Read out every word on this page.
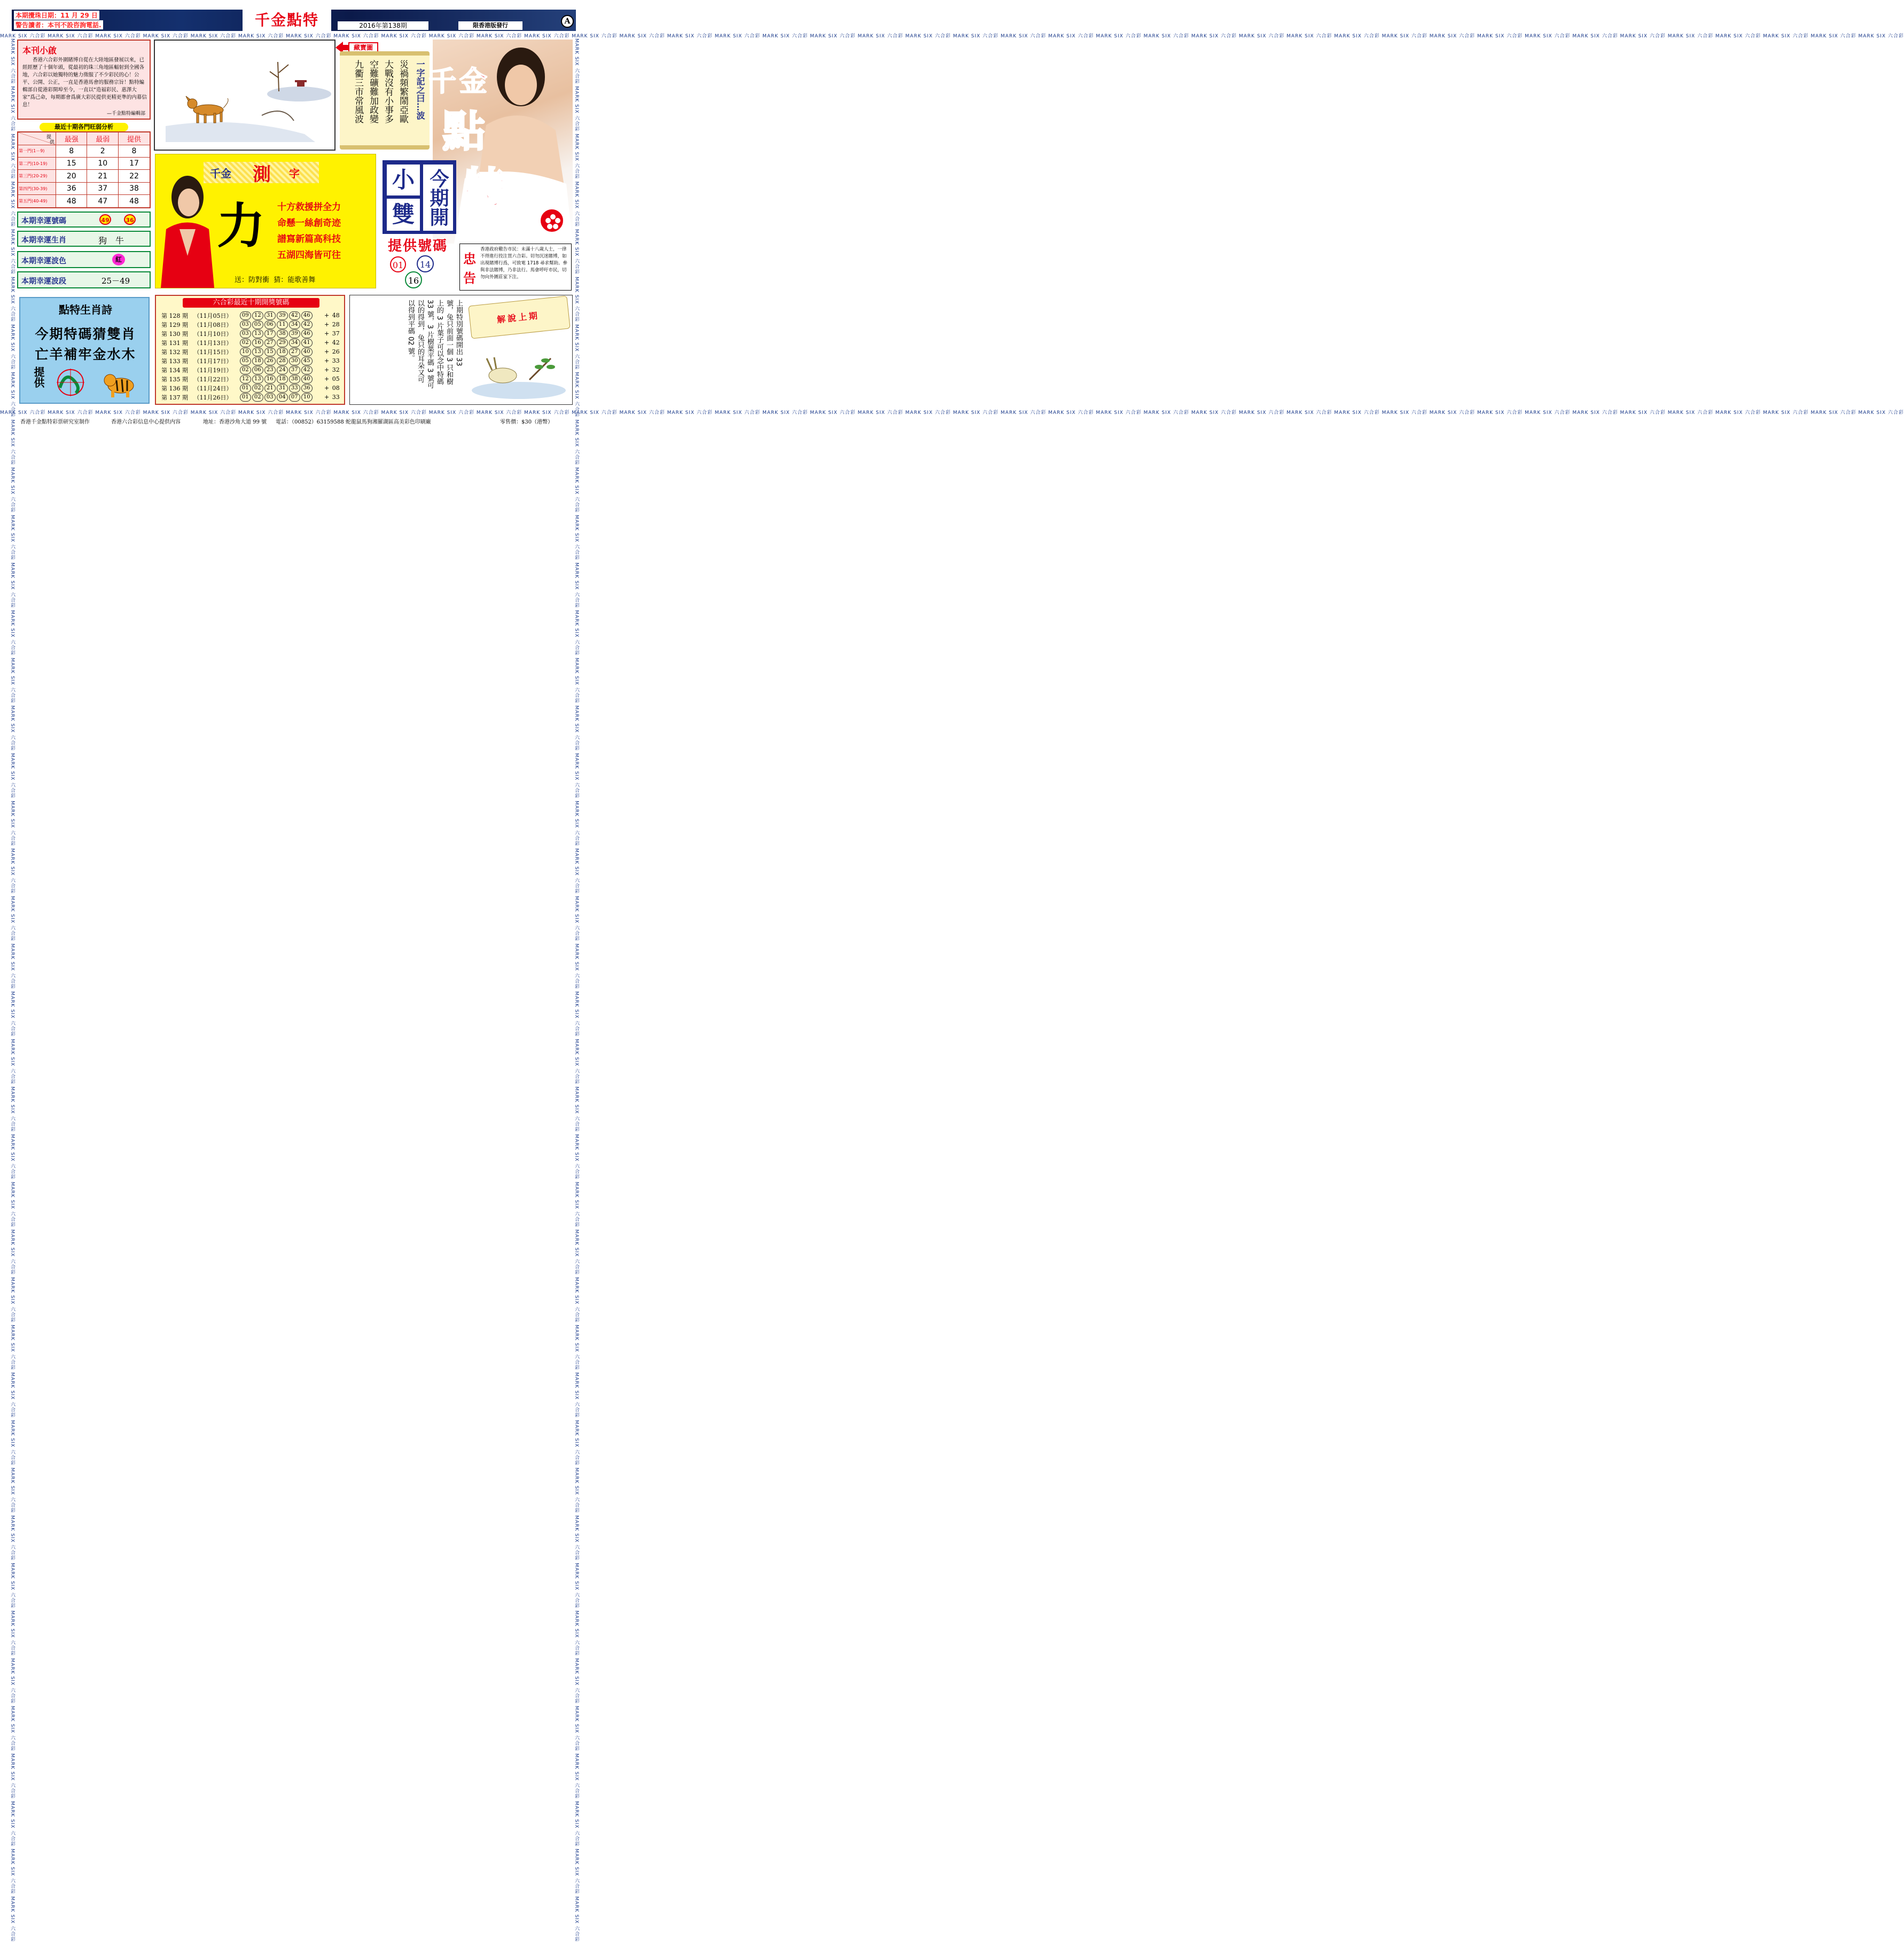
MARK SIX 六合彩 MARK SIX 六合彩 MARK SIX 六合彩 MARK SIX 六合彩 MARK SIX 六合彩 MARK SIX 六合彩 MARK SIX 六合彩 MARK SIX 六合彩 MARK SIX 六合彩 MARK SIX 六合彩 MARK SIX 六合彩 MARK SIX 六合彩 MARK SIX 六合彩 MARK SIX 六合彩 MARK SIX 六合彩 MARK SIX 六合彩 MARK SIX 六合彩 MARK SIX 六合彩 MARK SIX 六合彩 MARK SIX 六合彩 MARK SIX 六合彩 MARK SIX 六合彩 MARK SIX 六合彩 MARK SIX 六合彩 MARK SIX 六合彩 MARK SIX 六合彩 MARK SIX 六合彩 MARK SIX 六合彩 MARK SIX 六合彩 MARK SIX 六合彩 MARK SIX 六合彩 MARK SIX 六合彩 MARK SIX 六合彩 MARK SIX 六合彩 MARK SIX 六合彩 MARK SIX 六合彩 MARK SIX 六合彩 MARK SIX 六合彩 MARK SIX 六合彩 MARK SIX 六合彩
MARK SIX 六合彩 MARK SIX 六合彩 MARK SIX 六合彩 MARK SIX 六合彩 MARK SIX 六合彩 MARK SIX 六合彩 MARK SIX 六合彩 MARK SIX 六合彩 MARK SIX 六合彩 MARK SIX 六合彩 MARK SIX 六合彩 MARK SIX 六合彩 MARK SIX 六合彩 MARK SIX 六合彩 MARK SIX 六合彩 MARK SIX 六合彩 MARK SIX 六合彩 MARK SIX 六合彩 MARK SIX 六合彩 MARK SIX 六合彩 MARK SIX 六合彩 MARK SIX 六合彩 MARK SIX 六合彩 MARK SIX 六合彩 MARK SIX 六合彩 MARK SIX 六合彩 MARK SIX 六合彩 MARK SIX 六合彩 MARK SIX 六合彩 MARK SIX 六合彩 MARK SIX 六合彩 MARK SIX 六合彩 MARK SIX 六合彩 MARK SIX 六合彩 MARK SIX 六合彩 MARK SIX 六合彩 MARK SIX 六合彩 MARK SIX 六合彩 MARK SIX 六合彩 MARK SIX 六合彩
MARK SIX 六合彩 MARK SIX 六合彩 MARK SIX 六合彩 MARK SIX 六合彩 MARK SIX 六合彩 MARK SIX 六合彩 MARK SIX 六合彩 MARK SIX 六合彩 MARK SIX 六合彩 MARK SIX 六合彩 MARK SIX 六合彩 MARK SIX 六合彩 MARK SIX 六合彩 MARK SIX 六合彩 MARK SIX 六合彩 MARK SIX 六合彩 MARK SIX 六合彩 MARK SIX 六合彩 MARK SIX 六合彩 MARK SIX 六合彩 MARK SIX 六合彩 MARK SIX 六合彩 MARK SIX 六合彩 MARK SIX 六合彩 MARK SIX 六合彩 MARK SIX 六合彩 MARK SIX 六合彩 MARK SIX 六合彩 MARK SIX 六合彩 MARK SIX 六合彩 MARK SIX 六合彩 MARK SIX 六合彩 MARK SIX 六合彩 MARK SIX 六合彩 MARK SIX 六合彩 MARK SIX 六合彩 MARK SIX 六合彩 MARK SIX 六合彩 MARK SIX 六合彩 MARK SIX 六合彩	MARK SIX 六合彩 MARK SIX 六合彩 MARK SIX 六合彩 MARK SIX 六合彩 MARK SIX 六合彩 MARK SIX 六合彩 MARK SIX 六合彩 MARK SIX 六合彩 MARK SIX 六合彩 MARK SIX 六合彩 MARK SIX 六合彩 MARK SIX 六合彩 MARK SIX 六合彩 MARK SIX 六合彩 MARK SIX 六合彩 MARK SIX 六合彩 MARK SIX 六合彩 MARK SIX 六合彩 MARK SIX 六合彩 MARK SIX 六合彩 MARK SIX 六合彩 MARK SIX 六合彩 MARK SIX 六合彩 MARK SIX 六合彩 MARK SIX 六合彩 MARK SIX 六合彩 MARK SIX 六合彩 MARK SIX 六合彩 MARK SIX 六合彩 MARK SIX 六合彩 MARK SIX 六合彩 MARK SIX 六合彩 MARK SIX 六合彩 MARK SIX 六合彩 MARK SIX 六合彩 MARK SIX 六合彩 MARK SIX 六合彩 MARK SIX 六合彩 MARK SIX 六合彩 MARK SIX 六合彩
本期攪珠日期：11 月 29 日
警告讀者：本刊不設咨詢電話.	千金點特	2016年第138期	限香港版發行	A
本刊小啟
香港六合彩外圍賭博自從在大陸地區發展以來，已經經歷了十個年頭，從最初的珠三角地區輻射到全國各地，六合彩以她獨特的魅力徵服了不少彩民的心！公平、公開、公正，一直是香港馬會的服務宗旨！點特編輯部自從港彩開埠至今，一直以“造福彩民、惠澤大家”爲己命，每期都會爲廣大彩民提供更精更準的内幕信息！
—千金點特編輯部
最近十期各門旺弱分析
提
供	最强	最弱	提供
第一門(1－9)	8	2	8
第二門(10-19)	15	10	17
第三門(20-29)	20	21	22
第四門(30-39)	36	37	38
第五門(40-49)	48	47	48
本期幸運號碼	49	36
本期幸運生肖	狗　牛
本期幸運波色	紅
本期幸運波段	25－49
藏寶圖
一字記之曰…波
災禍頻繁鬧亞歐
大戰沒有小事多
空難礦難加政變
九衢三市常風波 千 金
點
特
小
雙 今期開
提供號碼
01	14
16
忠
告
香港政府儆告市民：未滿十八歲人士，一律不得進行投注買六合彩。切勿沉迷賭博，如出現賭博行爲，可致電 1718 尋求幫助。參與非法賭博，乃非法行。馬會呼吁市民，切勿向外圍莊家下注。
千金 測 字
力 十方救援拼全力
命懸一絲創奇迹
譜寫新篇高科技
五湖四海皆可往
送：防對衝  猜：能歌善舞
點特生肖詩
今期特碼猜雙肖
亡羊補牢金水木
提供
六合彩最近十期開獎號碼
第 128 期	（11月05日）	09 12 31 39 42 46	+	48
第 129 期	（11月08日）	03 05 06 11 34 42	+	28
第 130 期	（11月10日）	03 13 17 38 39 46	+	37
第 131 期	（11月13日）	02 16 27 29 34 41	+	42
第 132 期	（11月15日）	10 13 15 18 27 40	+	26
第 133 期	（11月17日）	05 18 26 28 30 45	+	33
第 134 期	（11月19日）	02 06 23 24 37 42	+	32
第 135 期	（11月22日）	12 13 16 18 38 40	+	05
第 136 期	（11月24日）	01 02 21 31 33 36	+	08
第 137 期	（11月26日）	01 02 03 04 07 10	+	33
上期特別號碼開出 33
號，兔只前面一個 3 只和樹
上的 3 片葉子可以念中特碼
33 號，3 片樹葉平碼 3 號可
以的得到，兔只的耳朵又可
以得到平碼 02 號。	解說上期
香港千金點特彩票研究室制作	香港六合彩信息中心提供内容	地址：香港沙角大道 99 號 電話：（00852）63159588 蛇龍鼠馬狗湘羅湖區高美彩色印刷廠	零售價：$30（港幣）
